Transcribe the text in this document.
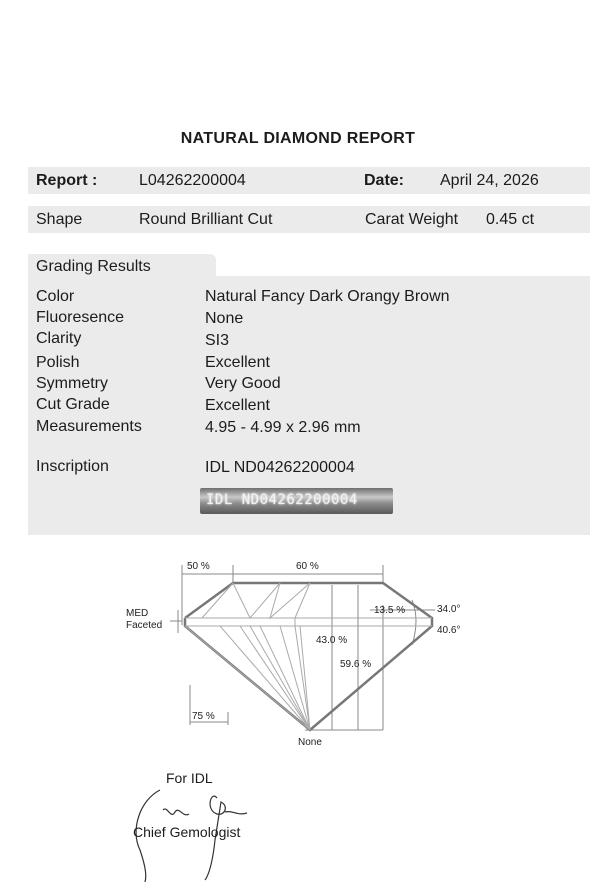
NATURAL DIAMOND REPORT
Report :	L04262200004	Date: April 24, 2026
Shape	Round Brilliant Cut	Carat Weight 0.45 ct
Grading Results
Color	Natural Fancy Dark Orangy Brown
Fluoresence	None
Clarity	SI3
Polish	Excellent
Symmetry	Very Good
Cut Grade	Excellent
Measurements	4.95 - 4.99 x 2.96 mm
Inscription	IDL ND04262200004
IDL ND04262200004
50 %	60 %
MED
Faceted
13.5 %	34.0°
40.6°
43.0 %
59.6 %
75 %
None
For IDL
Chief Gemologist
